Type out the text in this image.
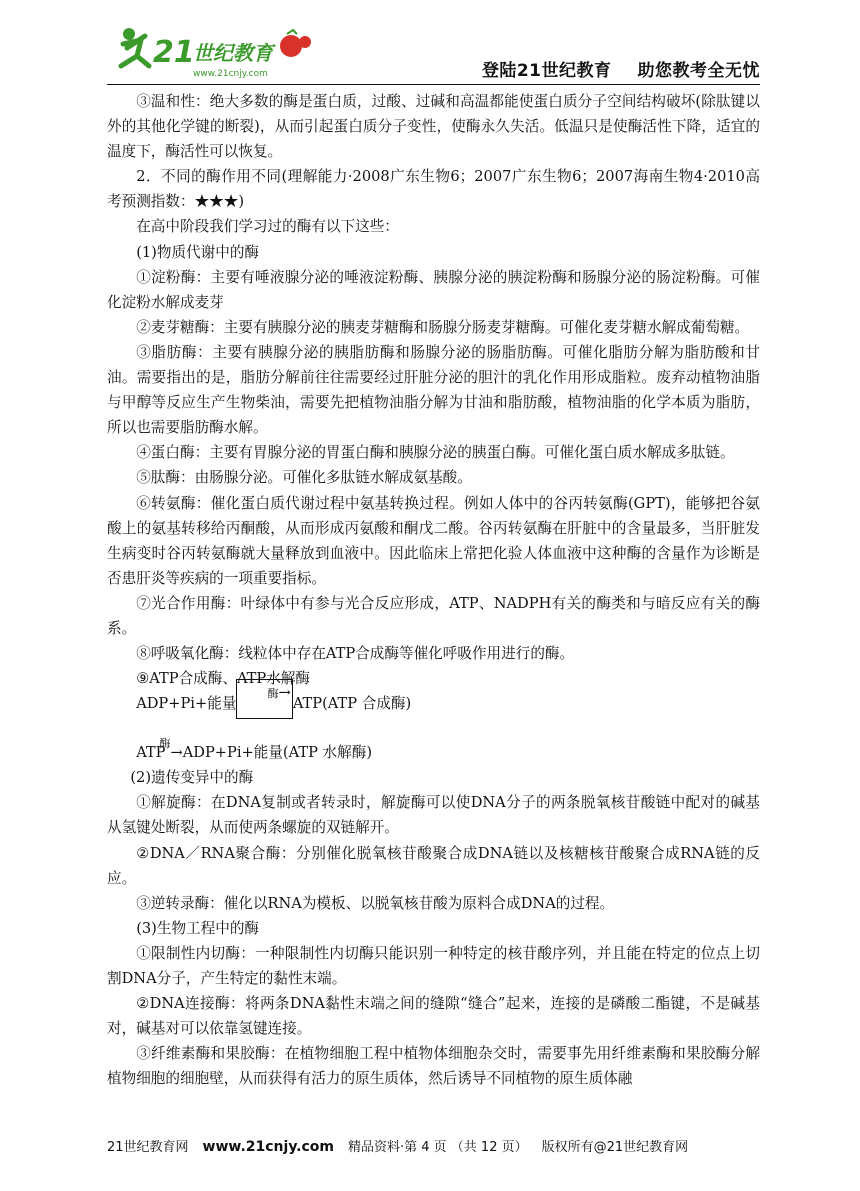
21
世纪教育
www.21cnjy.com	登陆21世纪教育 助您教考全无忧

③温和性：绝大多数的酶是蛋白质，过酸、过碱和高温都能使蛋白质分子空间结构破坏(除肽键以外的其他化学键的断裂)，从而引起蛋白质分子变性，使酶永久失活。低温只是使酶活性下降，适宜的温度下，酶活性可以恢复。

2．不同的酶作用不同(理解能力·2008广东生物6；2007广东生物6；2007海南生物4·2010高考预测指数：★★★)

在高中阶段我们学习过的酶有以下这些：

(1)物质代谢中的酶

①淀粉酶：主要有唾液腺分泌的唾液淀粉酶、胰腺分泌的胰淀粉酶和肠腺分泌的肠淀粉酶。可催化淀粉水解成麦芽

②麦芽糖酶：主要有胰腺分泌的胰麦芽糖酶和肠腺分肠麦芽糖酶。可催化麦芽糖水解成葡萄糖。

③脂肪酶：主要有胰腺分泌的胰脂肪酶和肠腺分泌的肠脂肪酶。可催化脂肪分解为脂肪酸和甘油。需要指出的是，脂肪分解前往往需要经过肝脏分泌的胆汁的乳化作用形成脂粒。废弃动植物油脂与甲醇等反应生产生物柴油，需要先把植物油脂分解为甘油和脂肪酸，植物油脂的化学本质为脂肪，所以也需要脂肪酶水解。

④蛋白酶：主要有胃腺分泌的胃蛋白酶和胰腺分泌的胰蛋白酶。可催化蛋白质水解成多肽链。

⑤肽酶：由肠腺分泌。可催化多肽链水解成氨基酸。

⑥转氨酶：催化蛋白质代谢过程中氨基转换过程。例如人体中的谷丙转氨酶(GPT)，能够把谷氨酸上的氨基转移给丙酮酸，从而形成丙氨酸和酮戊二酸。谷丙转氨酶在肝脏中的含量最多，当肝脏发生病变时谷丙转氨酶就大量释放到血液中。因此临床上常把化验人体血液中这种酶的含量作为诊断是否患肝炎等疾病的一项重要指标。

⑦光合作用酶：叶绿体中有参与光合反应形成，ATP、NADPH有关的酶类和与暗反应有关的酶系。

⑧呼吸氧化酶：线粒体中存在ATP合成酶等催化呼吸作用进行的酶。

⑨ATP合成酶、ATP水解酶

ADP+Pi+能量酶→ATP(ATP 合成酶)
$ATP^酶\to ADP+Pi+$能量(ATP 水解酶)

(2)遗传变异中的酶

①解旋酶：在DNA复制或者转录时，解旋酶可以使DNA分子的两条脱氧核苷酸链中配对的碱基从氢键处断裂，从而使两条螺旋的双链解开。

②DNA／RNA聚合酶：分别催化脱氧核苷酸聚合成DNA链以及核糖核苷酸聚合成RNA链的反应。

③逆转录酶：催化以RNA为模板、以脱氧核苷酸为原料合成DNA的过程。

(3)生物工程中的酶

①限制性内切酶：一种限制性内切酶只能识别一种特定的核苷酸序列，并且能在特定的位点上切割DNA分子，产生特定的黏性末端。

②DNA连接酶：将两条DNA黏性末端之间的缝隙“缝合”起来，连接的是磷酸二酯键，不是碱基对，碱基对可以依靠氢键连接。

③纤维素酶和果胶酶：在植物细胞工程中植物体细胞杂交时，需要事先用纤维素酶和果胶酶分解植物细胞的细胞壁，从而获得有活力的原生质体，然后诱导不同植物的原生质体融

21世纪教育网 www.21cnjy.com 精品资料·第 4 页 （共 12 页） 版权所有@21世纪教育网
